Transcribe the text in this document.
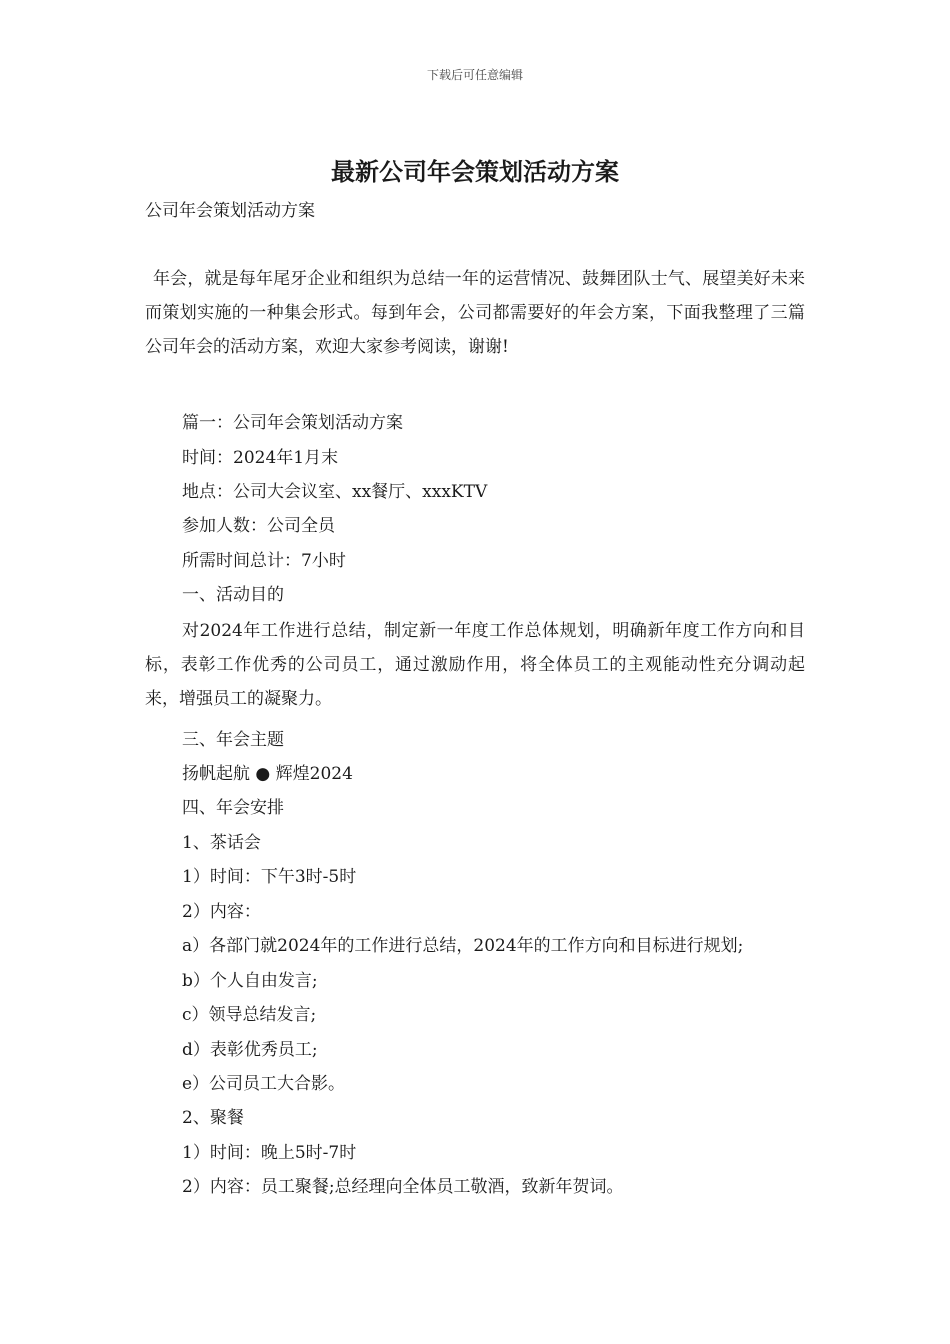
下载后可任意编辑
最新公司年会策划活动方案
公司年会策划活动方案
年会，就是每年尾牙企业和组织为总结一年的运营情况、鼓舞团队士气、展望美好未来而策划实施的一种集会形式。每到年会，公司都需要好的年会方案，下面我整理了三篇公司年会的活动方案，欢迎大家参考阅读，谢谢!
篇一：公司年会策划活动方案
时间：2024年1月末
地点：公司大会议室、xx餐厅、xxxKTV
参加人数：公司全员
所需时间总计：7小时
一、活动目的
对2024年工作进行总结，制定新一年度工作总体规划，明确新年度工作方向和目标，表彰工作优秀的公司员工，通过激励作用，将全体员工的主观能动性充分调动起来，增强员工的凝聚力。
三、年会主题
扬帆起航 ● 辉煌2024
四、年会安排
1、茶话会
1）时间：下午3时-5时
2）内容：
a）各部门就2024年的工作进行总结，2024年的工作方向和目标进行规划;
b）个人自由发言;
c）领导总结发言;
d）表彰优秀员工;
e）公司员工大合影。
2、聚餐
1）时间：晚上5时-7时
2）内容：员工聚餐;总经理向全体员工敬酒，致新年贺词。
